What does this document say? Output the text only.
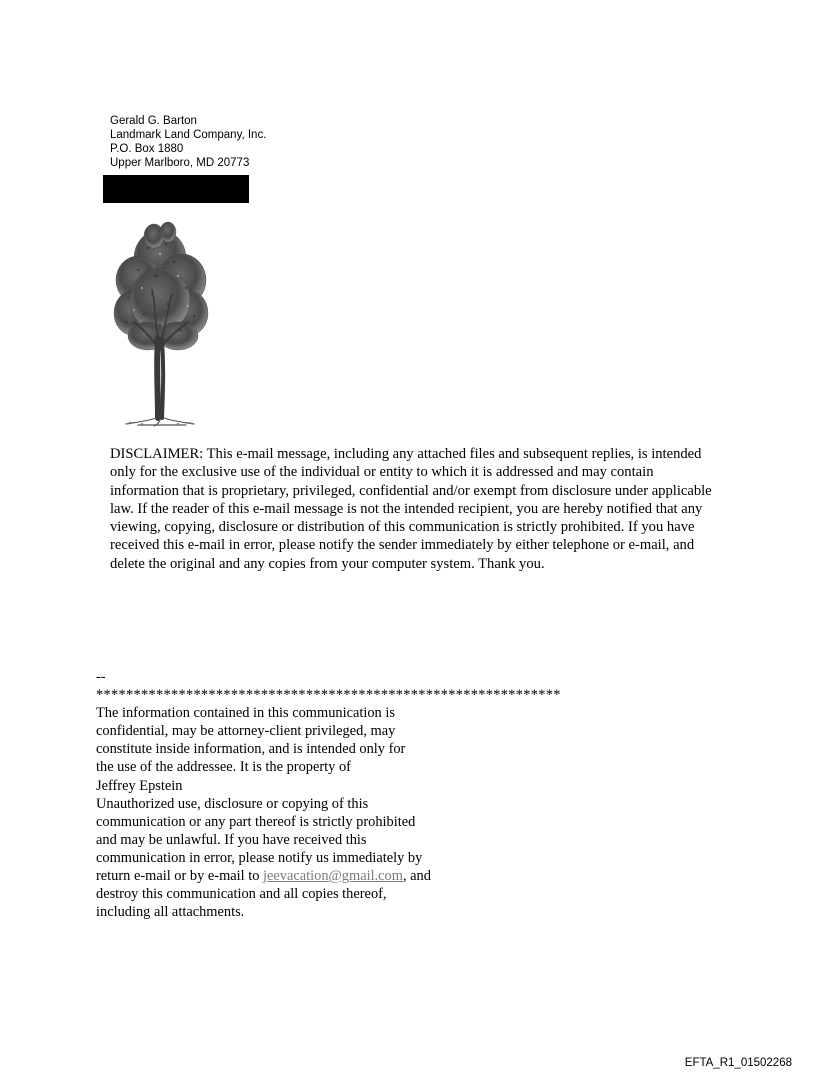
Gerald G. Barton
Landmark Land Company, Inc.
P.O. Box 1880
Upper Marlboro, MD 20773
DISCLAIMER: This e-mail message, including any attached files and subsequent replies, is intended only for the exclusive use of the individual or entity to which it is addressed and may contain information that is proprietary, privileged, confidential and/or exempt from disclosure under applicable law. If the reader of this e-mail message is not the intended recipient, you are hereby notified that any viewing, copying, disclosure or distribution of this communication is strictly prohibited. If you have received this e-mail in error, please notify the sender immediately by either telephone or e-mail, and delete the original and any copies from your computer system. Thank you.
--
**************************************************************
The information contained in this communication is
confidential, may be attorney-client privileged, may
constitute inside information, and is intended only for
the use of the addressee. It is the property of
Jeffrey Epstein
Unauthorized use, disclosure or copying of this
communication or any part thereof is strictly prohibited
and may be unlawful. If you have received this
communication in error, please notify us immediately by
return e-mail or by e-mail to jeevacation@gmail.com, and
destroy this communication and all copies thereof,
including all attachments.
EFTA_R1_01502268
